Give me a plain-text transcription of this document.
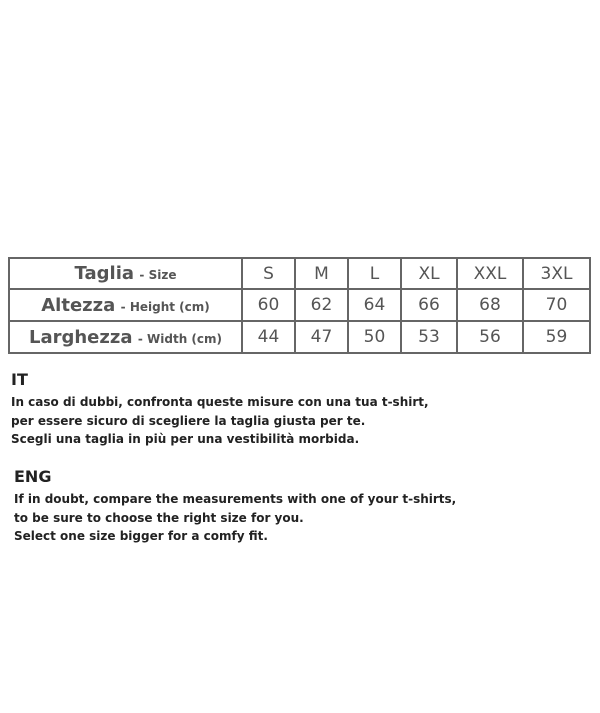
Taglia - Size	S	M	L	XL	XXL	3XL
Altezza - Height (cm)	60	62	64	66	68	70
Larghezza - Width (cm)	44	47	50	53	56	59
IT

In caso di dubbi, confronta queste misure con una tua t-shirt,

per essere sicuro di scegliere la taglia giusta per te.

Scegli una taglia in più per una vestibilità morbida.

ENG

If in doubt, compare the measurements with one of your t-shirts,

to be sure to choose the right size for you.

Select one size bigger for a comfy fit.
